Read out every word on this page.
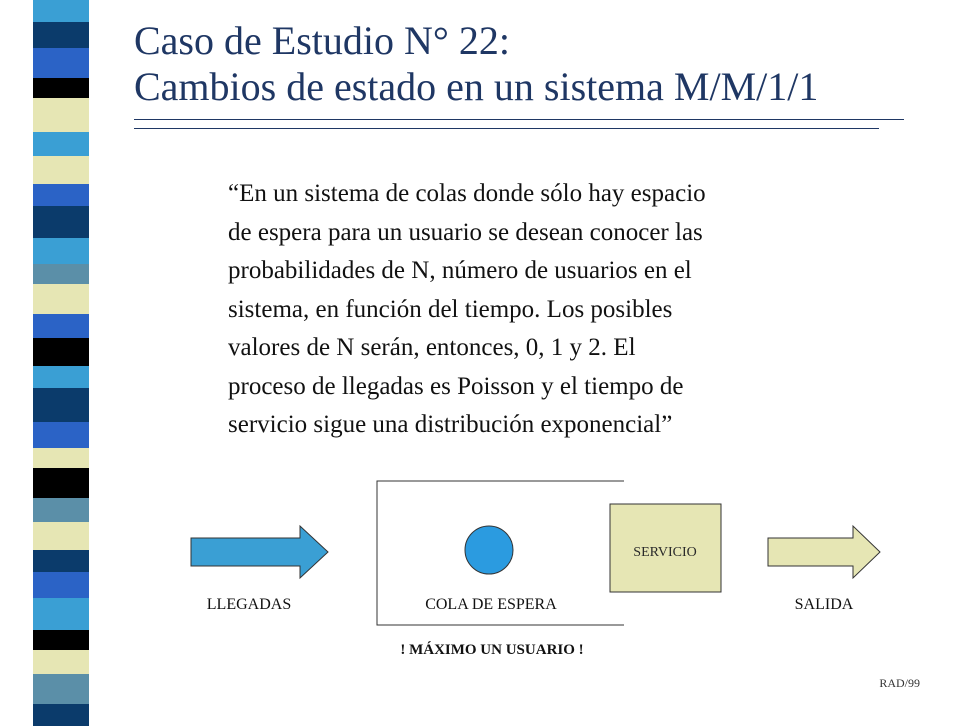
Caso de Estudio N° 22:
Cambios de estado en un sistema M/M/1/1
“En un sistema de colas donde sólo hay espacio
de espera para un usuario se desean conocer las
probabilidades de N, número de usuarios en el
sistema, en función del tiempo. Los posibles
valores de N serán, entonces, 0, 1 y 2. El
proceso de llegadas es Poisson y el tiempo de
servicio sigue una distribución exponencial”
LLEGADAS	COLA DE ESPERA
SERVICIO
SALIDA
! MÁXIMO UN USUARIO !
RAD/99
